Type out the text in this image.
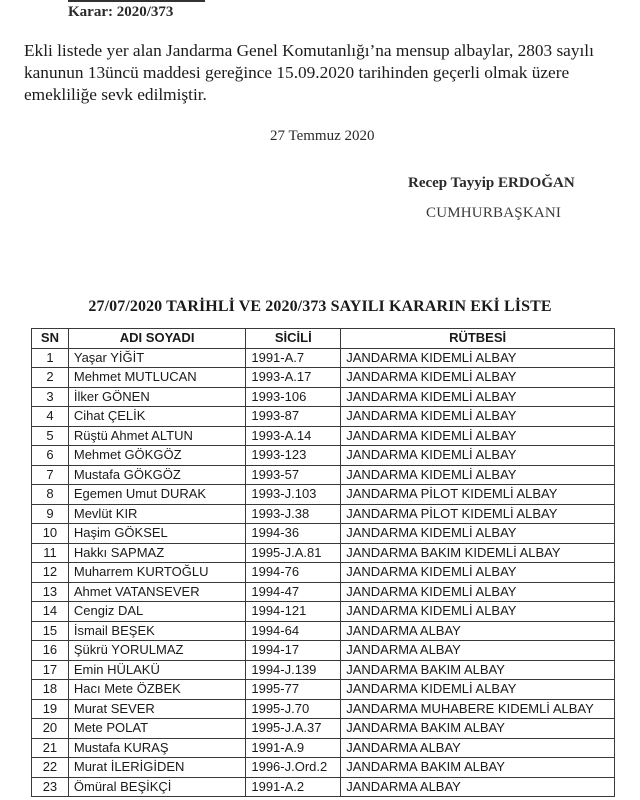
Karar: 2020/373
Ekli listede yer alan Jandarma Genel Komutanlığı’na mensup albaylar, 2803 sayılı kanunun 13üncü maddesi gereğince 15.09.2020 tarihinden geçerli olmak üzere emekliliğe sevk edilmiştir.
27 Temmuz 2020
Recep Tayyip ERDOĞAN
CUMHURBAŞKANI
27/07/2020 TARİHLİ VE 2020/373 SAYILI KARARIN EKİ LİSTE
SN	ADI SOYADI	SİCİLİ	RÜTBESİ
1	Yaşar YİĞİT	1991-A.7	JANDARMA KIDEMLİ ALBAY
2	Mehmet MUTLUCAN	1993-A.17	JANDARMA KIDEMLİ ALBAY
3	İlker GÖNEN	1993-106	JANDARMA KIDEMLİ ALBAY
4	Cihat ÇELİK	1993-87	JANDARMA KIDEMLİ ALBAY
5	Rüştü Ahmet ALTUN	1993-A.14	JANDARMA KIDEMLİ ALBAY
6	Mehmet GÖKGÖZ	1993-123	JANDARMA KIDEMLİ ALBAY
7	Mustafa GÖKGÖZ	1993-57	JANDARMA KIDEMLİ ALBAY
8	Egemen Umut DURAK	1993-J.103	JANDARMA PİLOT KIDEMLİ ALBAY
9	Mevlüt KIR	1993-J.38	JANDARMA PİLOT KIDEMLİ ALBAY
10	Haşim GÖKSEL	1994-36	JANDARMA KIDEMLİ ALBAY
11	Hakkı SAPMAZ	1995-J.A.81	JANDARMA BAKIM KIDEMLİ ALBAY
12	Muharrem KURTOĞLU	1994-76	JANDARMA KIDEMLİ ALBAY
13	Ahmet VATANSEVER	1994-47	JANDARMA KIDEMLİ ALBAY
14	Cengiz DAL	1994-121	JANDARMA KIDEMLİ ALBAY
15	İsmail BEŞEK	1994-64	JANDARMA ALBAY
16	Şükrü YORULMAZ	1994-17	JANDARMA ALBAY
17	Emin HÜLAKÜ	1994-J.139	JANDARMA BAKIM ALBAY
18	Hacı Mete ÖZBEK	1995-77	JANDARMA KIDEMLİ ALBAY
19	Murat SEVER	1995-J.70	JANDARMA MUHABERE KIDEMLİ ALBAY
20	Mete POLAT	1995-J.A.37	JANDARMA BAKIM ALBAY
21	Mustafa KURAŞ	1991-A.9	JANDARMA ALBAY
22	Murat İLERİGİDEN	1996-J.Ord.2	JANDARMA BAKIM ALBAY
23	Ömüral BEŞİKÇİ	1991-A.2	JANDARMA ALBAY
